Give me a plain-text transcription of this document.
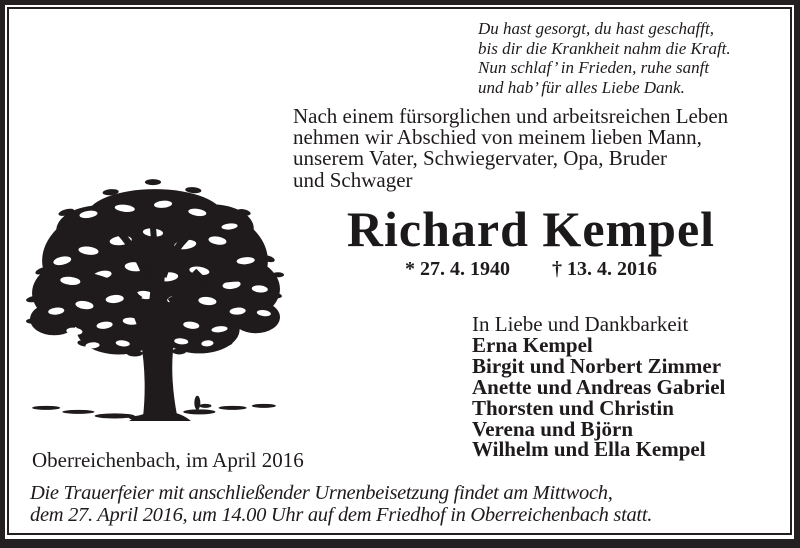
Du hast gesorgt, du hast geschafft,
bis dir die Krankheit nahm die Kraft.
Nun schlaf’ in Frieden, ruhe sanft
und hab’ für alles Liebe Dank.
Nach einem fürsorglichen und arbeitsreichen Leben
nehmen wir Abschied von meinem lieben Mann,
unserem Vater, Schwiegervater, Opa, Bruder
und Schwager
Richard Kempel
* 27. 4. 1940 † 13. 4. 2016
In Liebe und Dankbarkeit
Erna Kempel
Birgit und Norbert Zimmer
Anette und Andreas Gabriel
Thorsten und Christin
Verena und Björn
Wilhelm und Ella Kempel
Oberreichenbach, im April 2016
Die Trauerfeier mit anschließender Urnenbeisetzung findet am Mittwoch,
dem 27. April 2016, um 14.00 Uhr auf dem Friedhof in Oberreichenbach statt.
